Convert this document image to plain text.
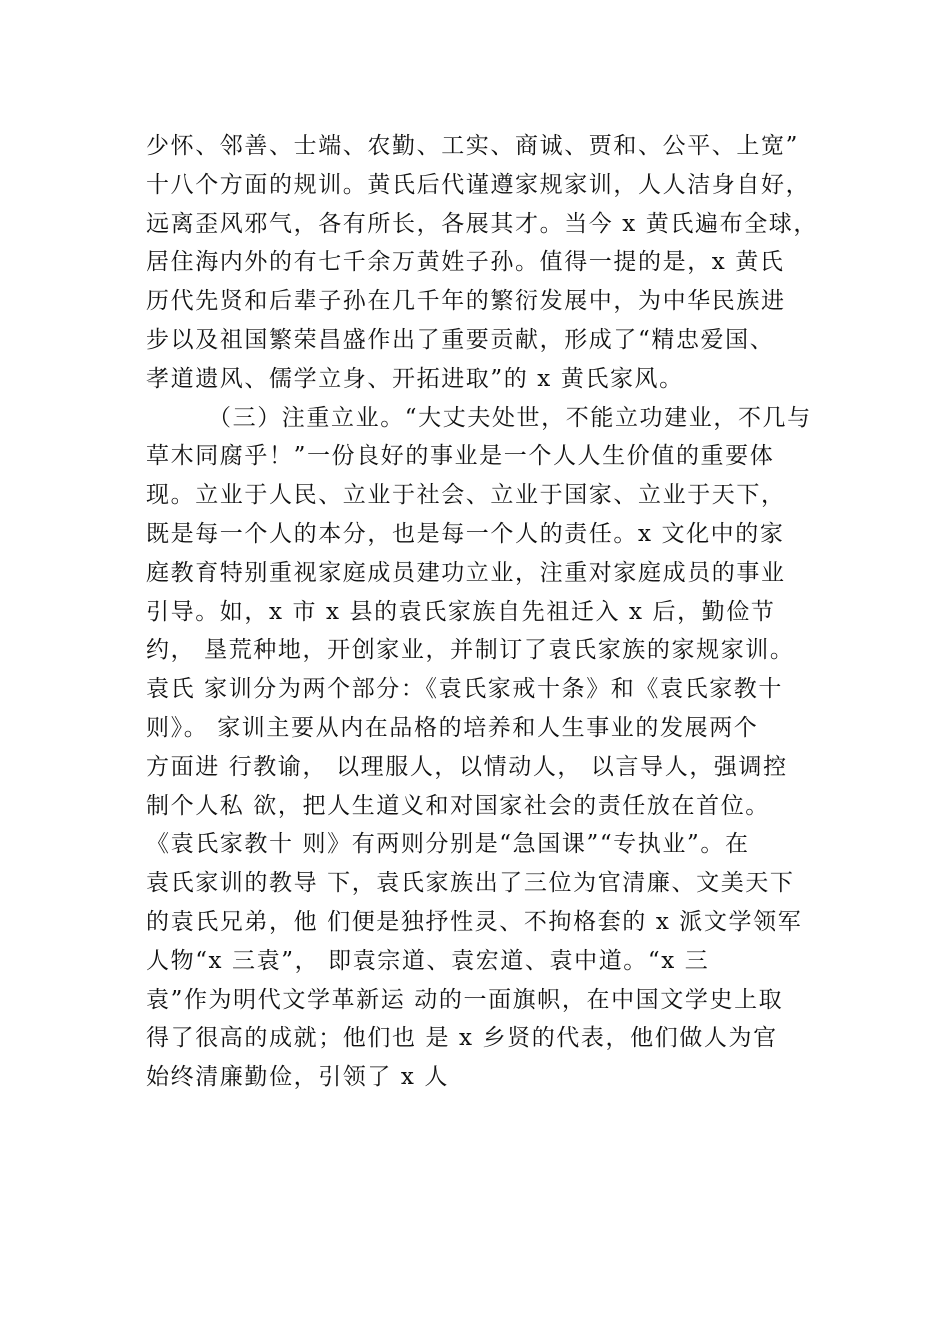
少怀、邻善、士端、农勤、工实、商诚、贾和、公平、上宽”
十八个方面的规训。黄氏后代谨遵家规家训，人人洁身自好，
远离歪风邪气，各有所长，各展其才。当今 x 黄氏遍布全球，
居住海内外的有七千余万黄姓子孙。值得一提的是，x 黄氏
历代先贤和后辈子孙在几千年的繁衍发展中，为中华民族进
步以及祖国繁荣昌盛作出了重要贡献，形成了“精忠爱国、
孝道遗风、儒学立身、开拓进取”的 x 黄氏家风。
（三）注重立业。“大丈夫处世，不能立功建业，不几与
草木同腐乎！”一份良好的事业是一个人人生价值的重要体
现。立业于人民、立业于社会、立业于国家、立业于天下，
既是每一个人的本分，也是每一个人的责任。x 文化中的家
庭教育特别重视家庭成员建功立业，注重对家庭成员的事业
引导。如，x 市 x 县的袁氏家族自先祖迁入 x 后，勤俭节
约， 垦荒种地，开创家业，并制订了袁氏家族的家规家训。
袁氏 家训分为两个部分：《袁氏家戒十条》和《袁氏家教十
则》。 家训主要从内在品格的培养和人生事业的发展两个
方面进 行教谕， 以理服人，以情动人， 以言导人，强调控
制个人私 欲，把人生道义和对国家社会的责任放在首位。
《袁氏家教十 则》有两则分别是“急国课”“专执业”。在
袁氏家训的教导 下，袁氏家族出了三位为官清廉、文美天下
的袁氏兄弟，他 们便是独抒性灵、不拘格套的 x 派文学领军
人物“x 三袁”， 即袁宗道、袁宏道、袁中道。“x 三
袁”作为明代文学革新运 动的一面旗帜，在中国文学史上取
得了很高的成就；他们也 是 x 乡贤的代表，他们做人为官
始终清廉勤俭，引领了 x 人
